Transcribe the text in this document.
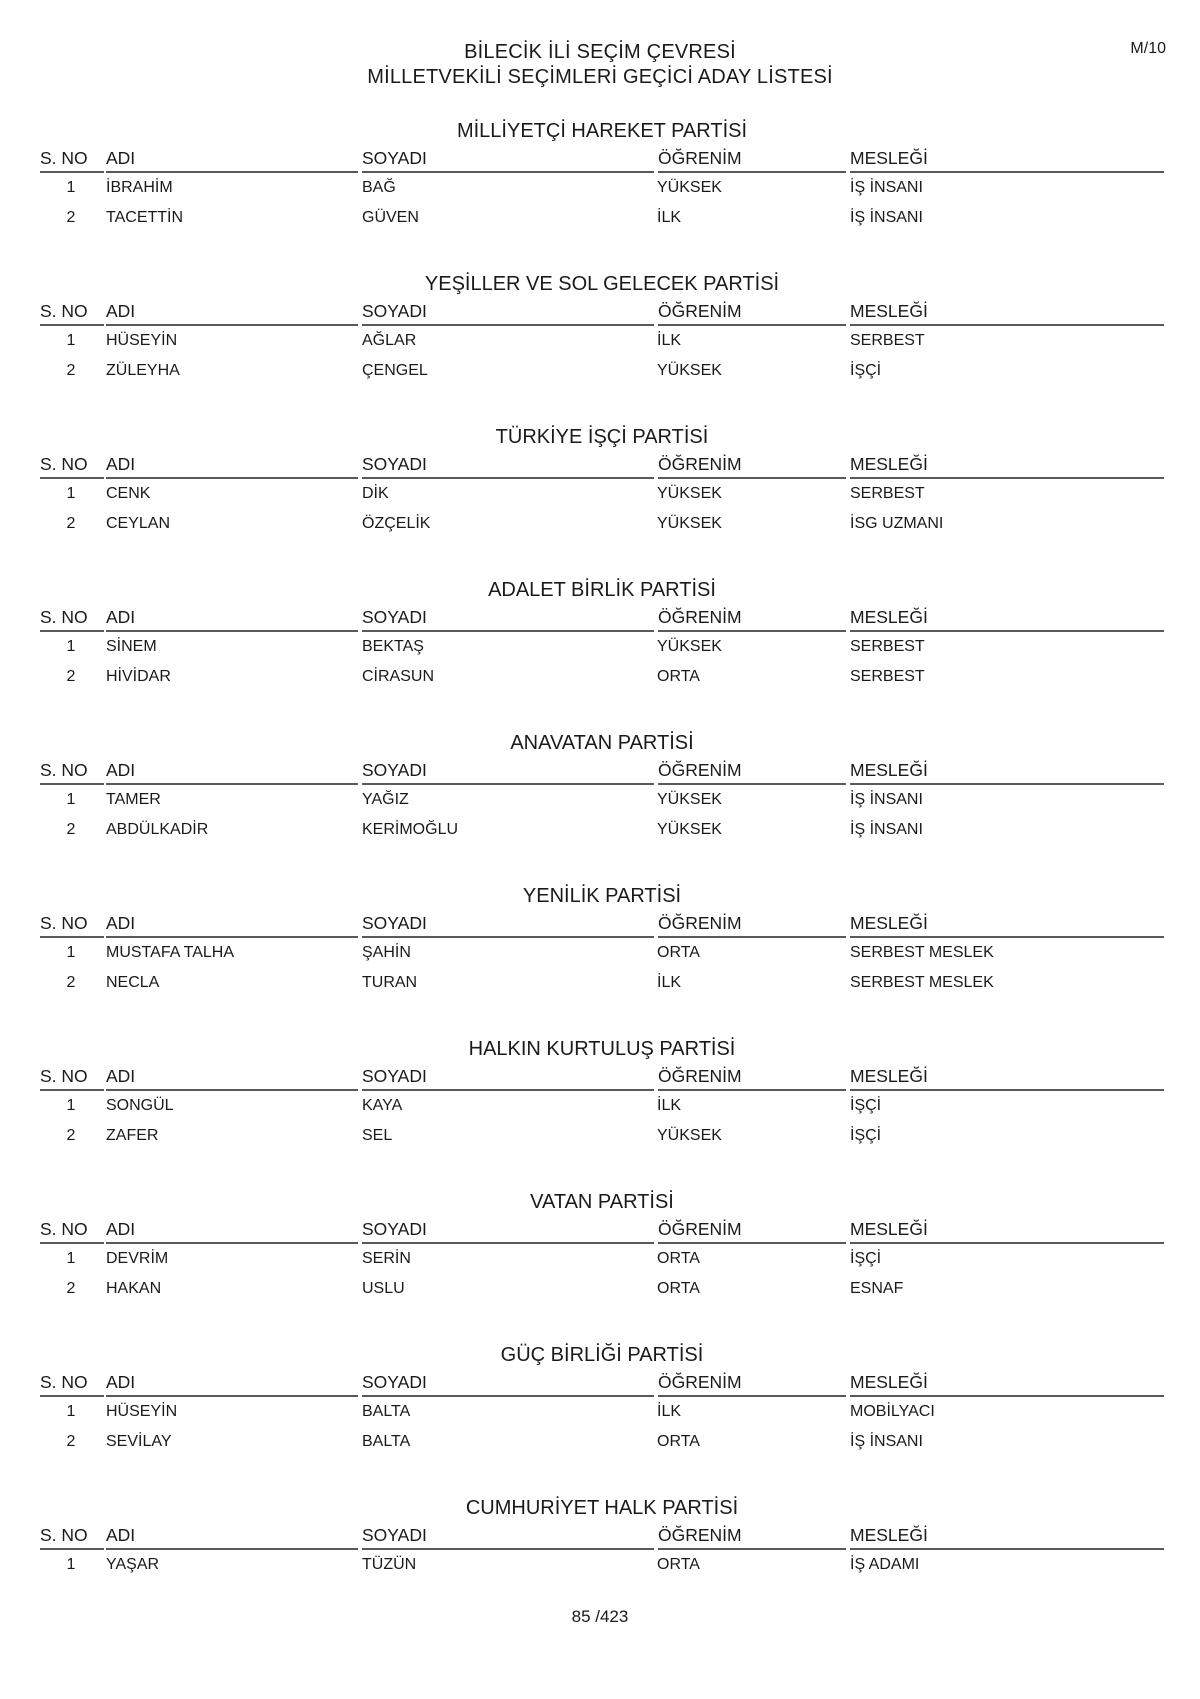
M/10
BİLECİK İLİ SEÇİM ÇEVRESİ
MİLLETVEKİLİ SEÇİMLERİ GEÇİCİ ADAY LİSTESİ
MİLLİYETÇİ HAREKET PARTİSİ
S. NO	ADI	SOYADI	ÖĞRENİM	MESLEĞİ
1	İBRAHİM	BAĞ	YÜKSEK	İŞ İNSANI
2	TACETTİN	GÜVEN	İLK	İŞ İNSANI
YEŞİLLER VE SOL GELECEK PARTİSİ
S. NO	ADI	SOYADI	ÖĞRENİM	MESLEĞİ
1	HÜSEYİN	AĞLAR	İLK	SERBEST
2	ZÜLEYHA	ÇENGEL	YÜKSEK	İŞÇİ
TÜRKİYE İŞÇİ PARTİSİ
S. NO	ADI	SOYADI	ÖĞRENİM	MESLEĞİ
1	CENK	DİK	YÜKSEK	SERBEST
2	CEYLAN	ÖZÇELİK	YÜKSEK	İSG UZMANI
ADALET BİRLİK PARTİSİ
S. NO	ADI	SOYADI	ÖĞRENİM	MESLEĞİ
1	SİNEM	BEKTAŞ	YÜKSEK	SERBEST
2	HİVİDAR	CİRASUN	ORTA	SERBEST
ANAVATAN PARTİSİ
S. NO	ADI	SOYADI	ÖĞRENİM	MESLEĞİ
1	TAMER	YAĞIZ	YÜKSEK	İŞ İNSANI
2	ABDÜLKADİR	KERİMOĞLU	YÜKSEK	İŞ İNSANI
YENİLİK PARTİSİ
S. NO	ADI	SOYADI	ÖĞRENİM	MESLEĞİ
1	MUSTAFA TALHA	ŞAHİN	ORTA	SERBEST MESLEK
2	NECLA	TURAN	İLK	SERBEST MESLEK
HALKIN KURTULUŞ PARTİSİ
S. NO	ADI	SOYADI	ÖĞRENİM	MESLEĞİ
1	SONGÜL	KAYA	İLK	İŞÇİ
2	ZAFER	SEL	YÜKSEK	İŞÇİ
VATAN PARTİSİ
S. NO	ADI	SOYADI	ÖĞRENİM	MESLEĞİ
1	DEVRİM	SERİN	ORTA	İŞÇİ
2	HAKAN	USLU	ORTA	ESNAF
GÜÇ BİRLİĞİ PARTİSİ
S. NO	ADI	SOYADI	ÖĞRENİM	MESLEĞİ
1	HÜSEYİN	BALTA	İLK	MOBİLYACI
2	SEVİLAY	BALTA	ORTA	İŞ İNSANI
CUMHURİYET HALK PARTİSİ
S. NO	ADI	SOYADI	ÖĞRENİM	MESLEĞİ
1	YAŞAR	TÜZÜN	ORTA	İŞ ADAMI
85 /423
